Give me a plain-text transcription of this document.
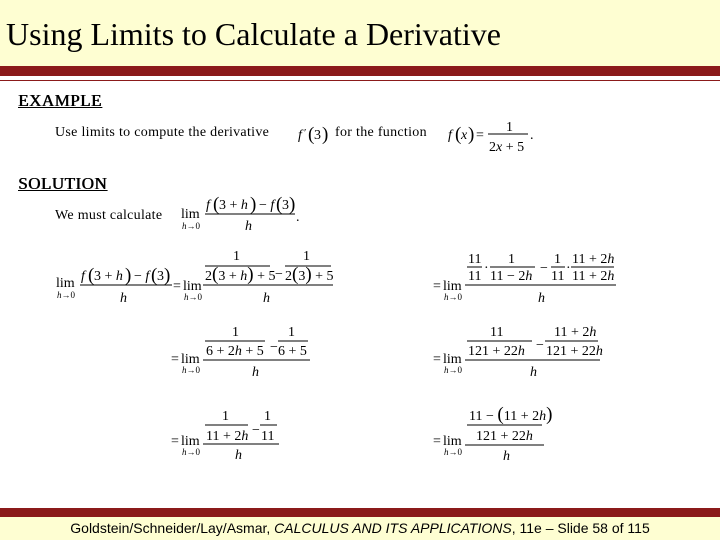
Using Limits to Calculate a Derivative
EXAMPLE
Use limits to compute the derivative f ′ ( 3 ) for the function f ( x ) =
1
2x + 5
.
SOLUTION
We must calculate lim
h→0
f ( 3 + h ) − f ( 3 )
h
.
lim
h→0
f ( 3 + h ) − f ( 3 )
h
= lim
h→0
1
2(3 + h) + 5 −
1
2(3) + 5
h
= lim
h→0
1
6 + 2h + 5 −
1
6 + 5
h
= lim
h→0
1
11 + 2h −
1
11
h
= lim
h→0
11
11
·
1
11 − 2h
−
1
11
·
11 + 2h
11 + 2h
h
= lim
h→0
11
121 + 22h −
11 + 2h
121 + 22h
h
= lim
h→0
11 − (11 + 2h)
121 + 22h
h
Goldstein/Schneider/Lay/Asmar, CALCULUS AND ITS APPLICATIONS, 11e – Slide 58 of 115
